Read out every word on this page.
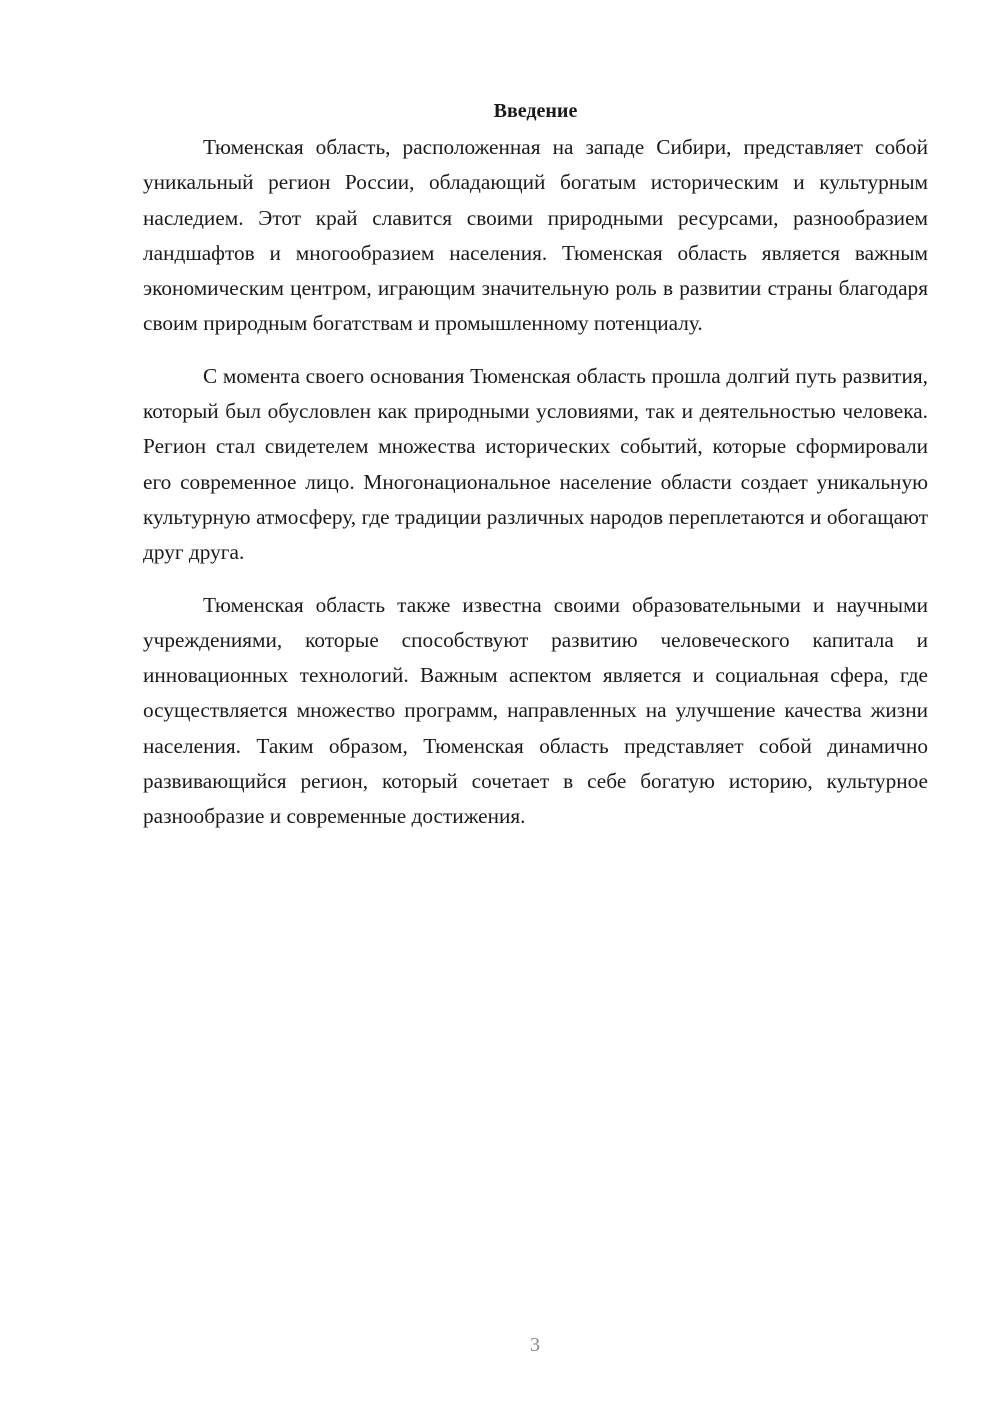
Введение

Тюменская область, расположенная на западе Сибири, представляет собой уникальный регион России, обладающий богатым историческим и культурным наследием. Этот край славится своими природными ресурсами, разнообразием ландшафтов и многообразием населения. Тюменская область является важным экономическим центром, играющим значительную роль в развитии страны благодаря своим природным богатствам и промышленному потенциалу.

С момента своего основания Тюменская область прошла долгий путь развития, который был обусловлен как природными условиями, так и деятельностью человека. Регион стал свидетелем множества исторических событий, которые сформировали его современное лицо. Многонациональное население области создает уникальную культурную атмосферу, где традиции различных народов переплетаются и обогащают друг друга.

Тюменская область также известна своими образовательными и научными учреждениями, которые способствуют развитию человеческого капитала и инновационных технологий. Важным аспектом является и социальная сфера, где осуществляется множество программ, направленных на улучшение качества жизни населения. Таким образом, Тюменская область представляет собой динамично развивающийся регион, который сочетает в себе богатую историю, культурное разнообразие и современные достижения.

3
